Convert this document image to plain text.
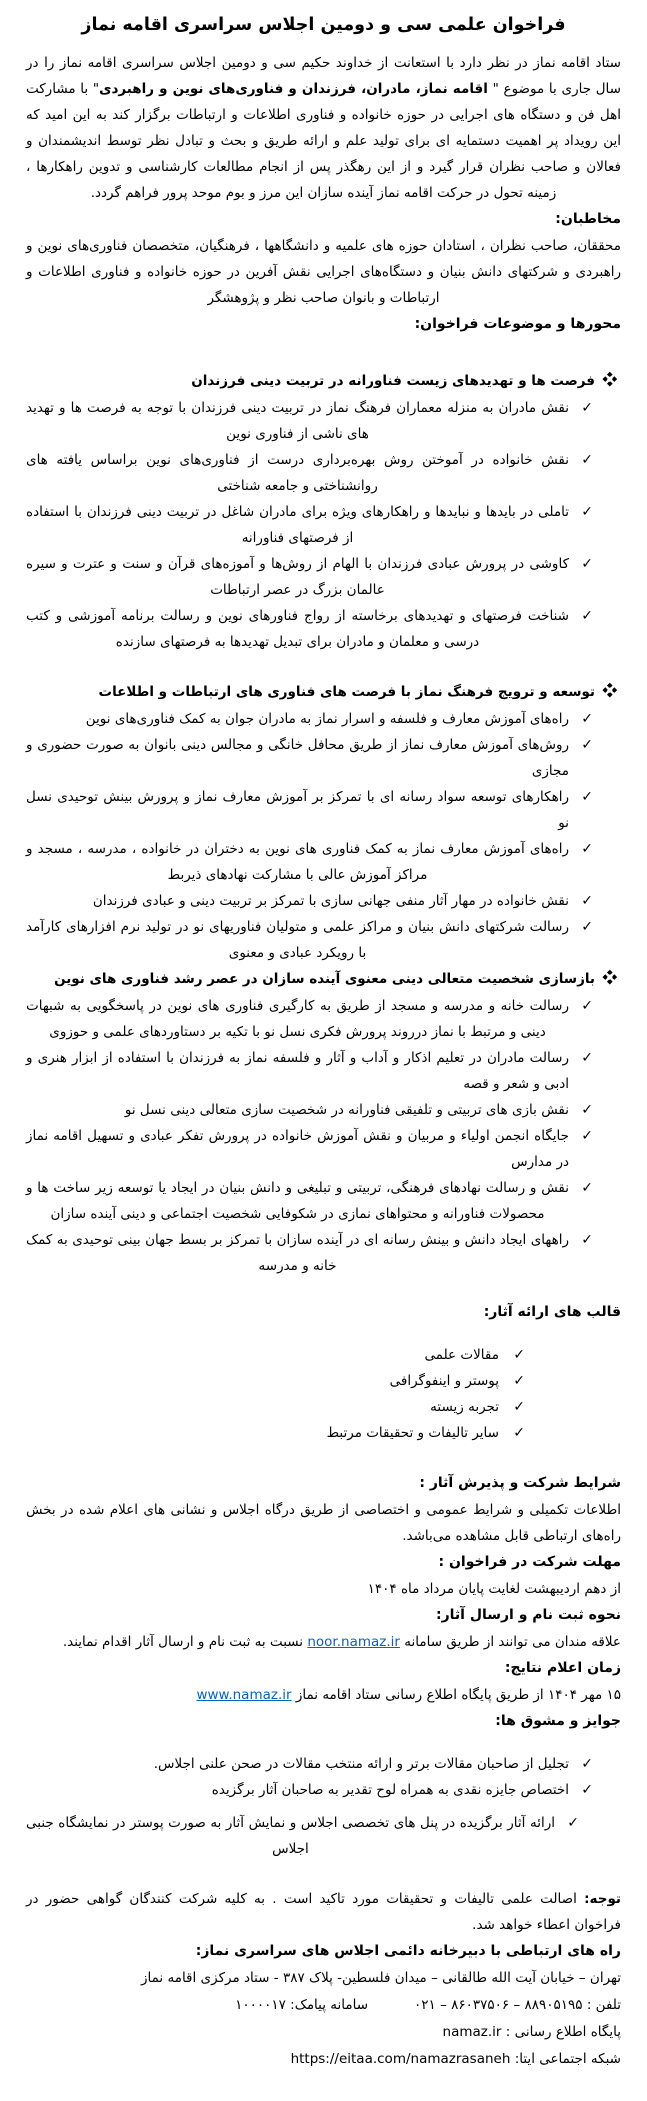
فراخوان علمی سی و دومین اجلاس سراسری اقامه نماز

ستاد اقامه نماز در نظر دارد با استعانت از خداوند حکیم سی و دومین اجلاس سراسری اقامه نماز را در سال جاری با موضوع " اقامه نماز، مادران، فرزندان و فناوری‌های نوین و راهبردی" با مشارکت اهل فن و دستگاه های اجرایی در حوزه خانواده و فناوری اطلاعات و ارتباطات برگزار کند به این امید که این رویداد پر اهمیت دستمایه ای برای تولید علم و ارائه طریق و بحث و تبادل نظر توسط اندیشمندان و فعالان و صاحب نظران قرار گیرد و از این رهگذر پس از انجام مطالعات کارشناسی و تدوین راهکارها ، زمینه تحول در حرکت اقامه نماز آینده سازان این مرز و بوم موحد پرور فراهم گردد.

مخاطبان:

محققان، صاحب نظران ، استادان حوزه های علمیه و دانشگاهها ، فرهنگیان، متخصصان فناوری‌های نوین و راهبردی و شرکتهای دانش بنیان و دستگاه‌های اجرایی نقش آفرین در حوزه خانواده و فناوری اطلاعات و ارتباطات و بانوان صاحب نظر و پژوهشگر

محورها و موضوعات فراخوان:
فرصت ها و تهدیدهای زیست فناورانه در تربیت دینی فرزندان
✓
نقش مادران به منزله معماران فرهنگ نماز در تربیت دینی فرزندان با توجه به فرصت ها و تهدید های ناشی از فناوری نوین
✓
نقش خانواده در آموختن روش بهره‌برداری درست از فناوری‌های نوین براساس یافته های روانشناختی و جامعه شناختی
✓
تاملی در بایدها و نبایدها و راهکارهای ویژه برای مادران شاغل در تربیت دینی فرزندان با استفاده از فرصتهای فناورانه
✓
کاوشی در پرورش عبادی فرزندان با الهام از روش‌ها و آموزه‌های قرآن و سنت و عترت و سیره عالمان بزرگ در عصر ارتباطات
✓
شناخت فرصتهای و تهدیدهای برخاسته از رواج فناورهای نوین و رسالت برنامه آموزشی و کتب درسی و معلمان و مادران برای تبدیل تهدیدها به فرصتهای سازنده
توسعه و ترویج فرهنگ نماز با فرصت های فناوری های ارتباطات و اطلاعات
✓
راه‌های آموزش معارف و فلسفه و اسرار نماز به مادران جوان به کمک فناوری‌های نوین
✓
روش‌های آموزش معارف نماز از طریق محافل خانگی و مجالس دینی بانوان به صورت حضوری و مجازی
✓
راهکارهای توسعه سواد رسانه ای با تمرکز بر آموزش معارف نماز و پرورش بینش توحیدی نسل نو
✓
راه‌های آموزش معارف نماز به کمک فناوری های نوین به دختران در خانواده ، مدرسه ، مسجد و مراکز آموزش عالی با مشارکت نهادهای ذیربط
✓
نقش خانواده در مهار آثار منفی جهانی سازی با تمرکز بر تربیت دینی و عبادی فرزندان
✓
رسالت شرکتهای دانش بنیان و مراکز علمی و متولیان فناوریهای نو در تولید نرم افزارهای کارآمد با رویکرد عبادی و معنوی
بازسازی شخصیت متعالی دینی معنوی آینده سازان در عصر رشد فناوری های نوین
✓
رسالت خانه و مدرسه و مسجد از طریق به کارگیری فناوری های نوین در پاسخگویی به شبهات دینی و مرتبط با نماز درروند پرورش فکری نسل نو با تکیه بر دستاوردهای علمی و حوزوی
✓
رسالت مادران در تعلیم اذکار و آداب و آثار و فلسفه نماز به فرزندان با استفاده از ابزار هنری و ادبی و شعر و قصه
✓
نقش بازی های تربیتی و تلفیقی فناورانه در شخصیت سازی متعالی دینی نسل نو
✓
جایگاه انجمن اولیاء و مربیان و نقش آموزش خانواده در پرورش تفکر عبادی و تسهیل اقامه نماز در مدارس
✓
نقش و رسالت نهادهای فرهنگی، تربیتی و تبلیغی و دانش بنیان در ایجاد یا توسعه زیر ساخت ها و محصولات فناورانه و محتواهای نمازی در شکوفایی شخصیت اجتماعی و دینی آینده سازان
✓
راههای ایجاد دانش و بینش رسانه ای در آینده سازان با تمرکز بر بسط جهان بینی توحیدی به کمک خانه و مدرسه
قالب های ارائه آثار:
✓
مقالات علمی
✓
پوستر و اینفوگرافی
✓
تجربه زیسته
✓
سایر تالیفات و تحقیقات مرتبط
شرایط شرکت و پذیرش آثار :

اطلاعات تکمیلی و شرایط عمومی و اختصاصی از طریق درگاه اجلاس و نشانی های اعلام شده در بخش راه‌های ارتباطی قابل مشاهده می‌باشد.

مهلت شرکت در فراخوان :

از دهم اردیبهشت لغایت پایان مرداد ماه ۱۴۰۴

نحوه ثبت نام و ارسال آثار:

علاقه مندان می توانند از طریق سامانه noor.namaz.ir نسبت به ثبت نام و ارسال آثار اقدام نمایند.

زمان اعلام نتایج:

۱۵ مهر ۱۴۰۴ از طریق پایگاه اطلاع رسانی ستاد اقامه نماز www.namaz.ir

جوایز و مشوق ها:
✓
تجلیل از صاحبان مقالات برتر و ارائه منتخب مقالات در صحن علنی اجلاس.
✓
اختصاص جایزه نقدی به همراه لوح تقدیر به صاحبان آثار برگزیده
✓
ارائه آثار برگزیده در پنل های تخصصی اجلاس و نمایش آثار به صورت پوستر در نمایشگاه جنبی اجلاس

توجه: اصالت علمی تالیفات و تحقیقات مورد تاکید است . به کلیه شرکت کنندگان گواهی حضور در فراخوان اعطاء خواهد شد.

راه های ارتباطی با دبیرخانه دائمی اجلاس های سراسری نماز:
تهران – خیابان آیت الله طالقانی – میدان فلسطین- پلاک ۳۸۷ - ستاد مرکزی اقامه نماز
تلفن : ۸۸۹۰۵۱۹۵ – ۸۶۰۳۷۵۰۶ – ۰۲۱سامانه پیامک: ۱۰۰۰۰۱۷
پایگاه اطلاع رسانی : namaz.ir
شبکه اجتماعی ایتا: https://eitaa.com/namazrasaneh
